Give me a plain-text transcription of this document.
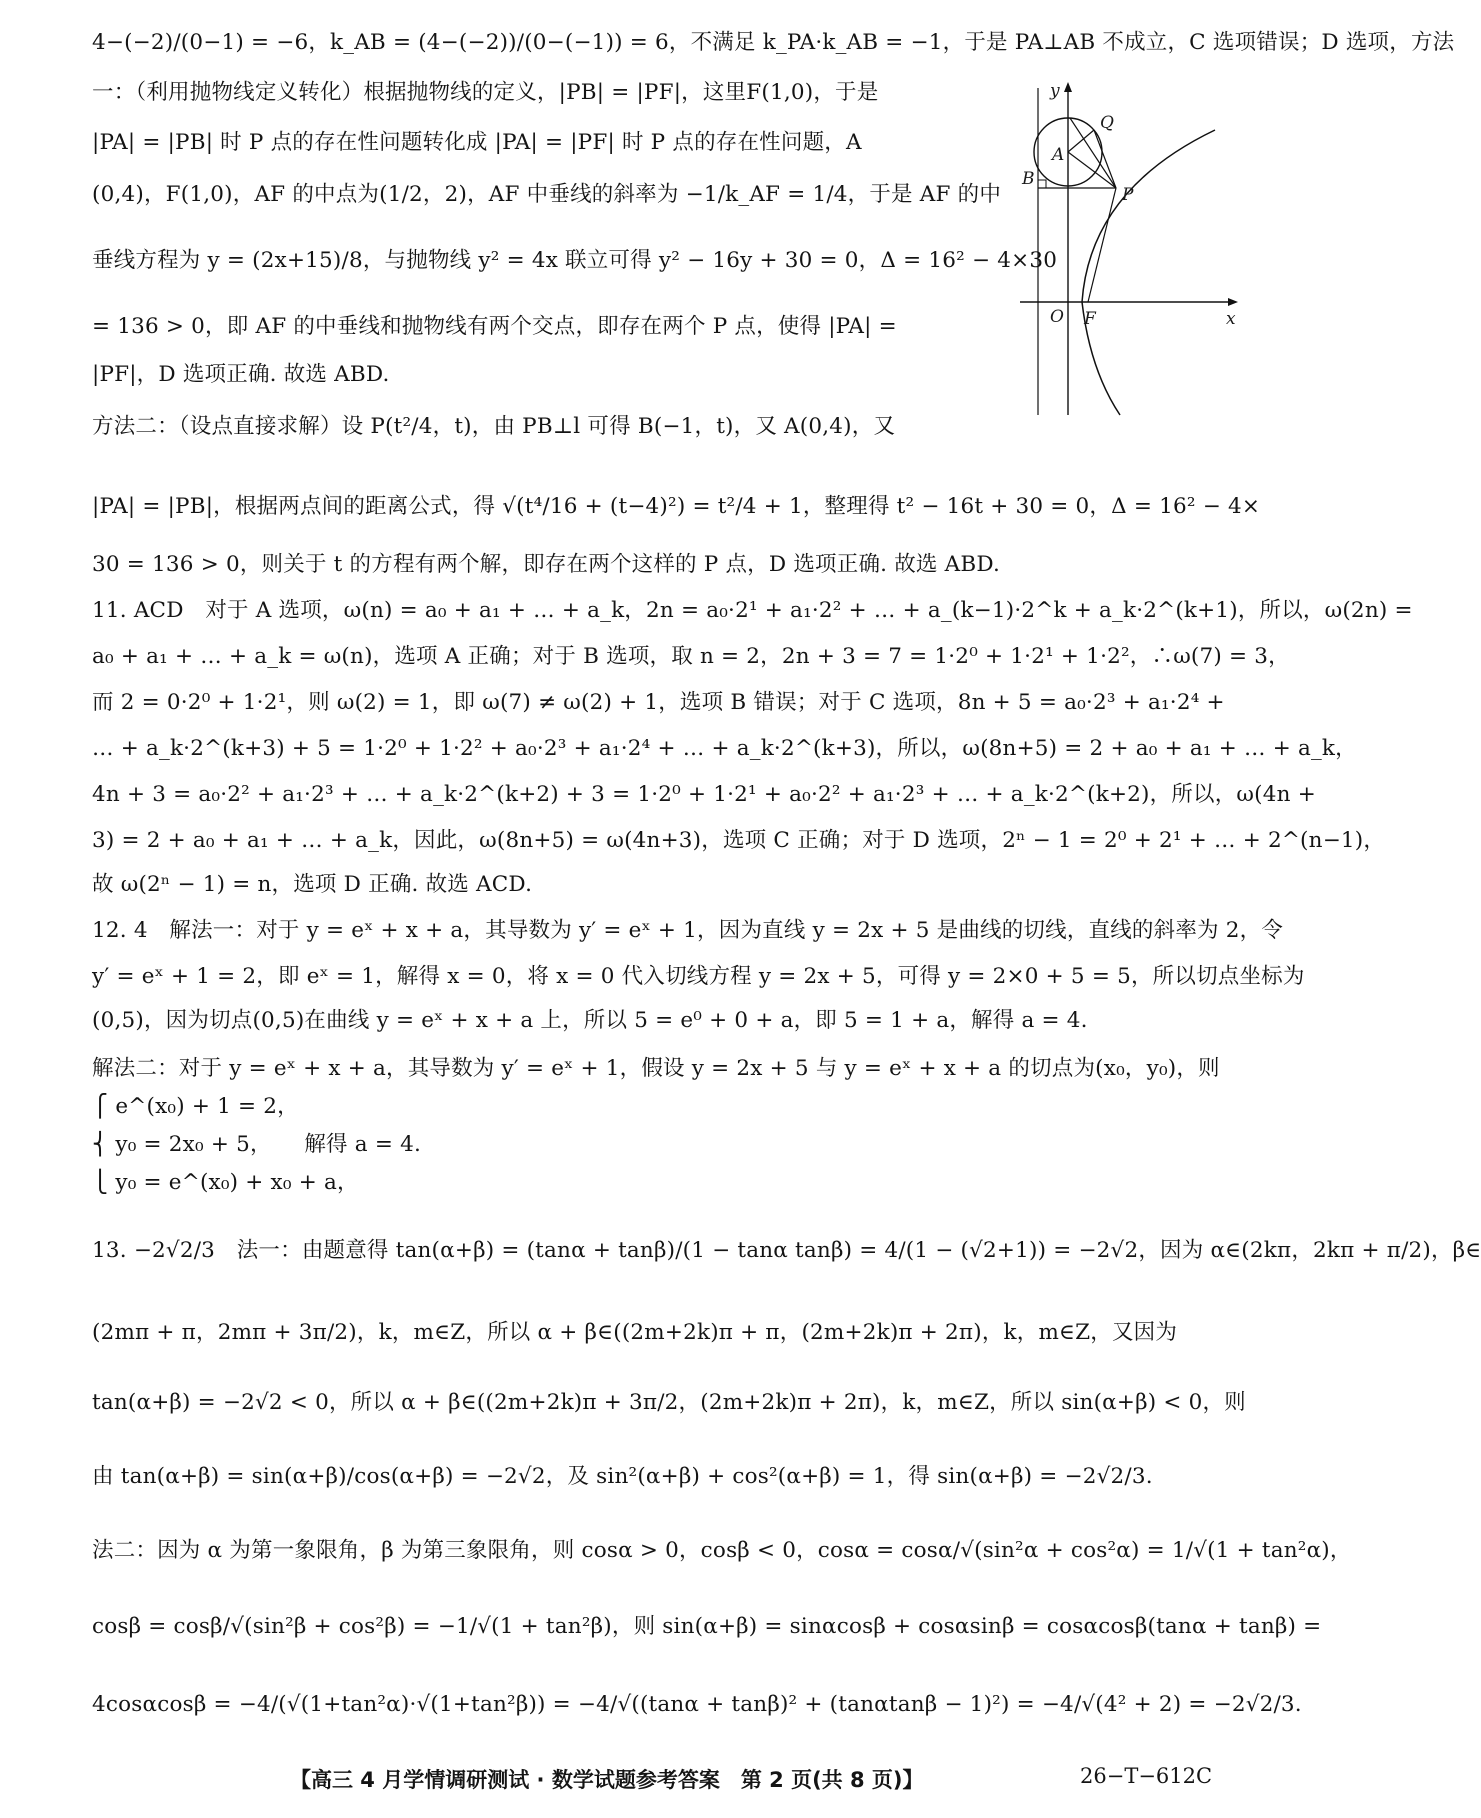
4−(−2)/(0−1) = −6，k_AB = (4−(−2))/(0−(−1)) = 6，不满足 k_PA·k_AB = −1，于是 PA⊥AB 不成立，C 选项错误；D 选项，方法
一：（利用抛物线定义转化）根据抛物线的定义，|PB| = |PF|，这里F(1,0)，于是
|PA| = |PB| 时 P 点的存在性问题转化成 |PA| = |PF| 时 P 点的存在性问题，A
(0,4)，F(1,0)，AF 的中点为(1/2，2)，AF 中垂线的斜率为 −1/k_AF = 1/4，于是 AF 的中
垂线方程为 y = (2x+15)/8，与抛物线 y² = 4x 联立可得 y² − 16y + 30 = 0，Δ = 16² − 4×30
= 136 > 0，即 AF 的中垂线和抛物线有两个交点，即存在两个 P 点，使得 |PA| =
|PF|，D 选项正确. 故选 ABD.
方法二：（设点直接求解）设 P(t²/4，t)，由 PB⊥l 可得 B(−1，t)，又 A(0,4)，又
|PA| = |PB|，根据两点间的距离公式，得 √(t⁴/16 + (t−4)²) = t²/4 + 1，整理得 t² − 16t + 30 = 0，Δ = 16² − 4×
30 = 136 > 0，则关于 t 的方程有两个解，即存在两个这样的 P 点，D 选项正确. 故选 ABD.
11. ACD　对于 A 选项，ω(n) = a₀ + a₁ + … + a_k，2n = a₀·2¹ + a₁·2² + … + a_(k−1)·2^k + a_k·2^(k+1)，所以，ω(2n) =
a₀ + a₁ + … + a_k = ω(n)，选项 A 正确；对于 B 选项，取 n = 2，2n + 3 = 7 = 1·2⁰ + 1·2¹ + 1·2²，∴ω(7) = 3，
而 2 = 0·2⁰ + 1·2¹，则 ω(2) = 1，即 ω(7) ≠ ω(2) + 1，选项 B 错误；对于 C 选项，8n + 5 = a₀·2³ + a₁·2⁴ +
… + a_k·2^(k+3) + 5 = 1·2⁰ + 1·2² + a₀·2³ + a₁·2⁴ + … + a_k·2^(k+3)，所以，ω(8n+5) = 2 + a₀ + a₁ + … + a_k，
4n + 3 = a₀·2² + a₁·2³ + … + a_k·2^(k+2) + 3 = 1·2⁰ + 1·2¹ + a₀·2² + a₁·2³ + … + a_k·2^(k+2)，所以，ω(4n +
3) = 2 + a₀ + a₁ + … + a_k，因此，ω(8n+5) = ω(4n+3)，选项 C 正确；对于 D 选项，2ⁿ − 1 = 2⁰ + 2¹ + … + 2^(n−1)，
故 ω(2ⁿ − 1) = n，选项 D 正确. 故选 ACD.
12. 4　解法一：对于 y = eˣ + x + a，其导数为 y′ = eˣ + 1，因为直线 y = 2x + 5 是曲线的切线，直线的斜率为 2，令
y′ = eˣ + 1 = 2，即 eˣ = 1，解得 x = 0，将 x = 0 代入切线方程 y = 2x + 5，可得 y = 2×0 + 5 = 5，所以切点坐标为
(0,5)，因为切点(0,5)在曲线 y = eˣ + x + a 上，所以 5 = e⁰ + 0 + a，即 5 = 1 + a，解得 a = 4.
解法二：对于 y = eˣ + x + a，其导数为 y′ = eˣ + 1，假设 y = 2x + 5 与 y = eˣ + x + a 的切点为(x₀，y₀)，则
⎧ e^(x₀) + 1 = 2，
⎨ y₀ = 2x₀ + 5，　　解得 a = 4.
⎩ y₀ = e^(x₀) + x₀ + a，
13. −2√2/3　法一：由题意得 tan(α+β) = (tanα + tanβ)/(1 − tanα tanβ) = 4/(1 − (√2+1)) = −2√2，因为 α∈(2kπ，2kπ + π/2)，β∈
(2mπ + π，2mπ + 3π/2)，k，m∈Z，所以 α + β∈((2m+2k)π + π，(2m+2k)π + 2π)，k，m∈Z，又因为
tan(α+β) = −2√2 < 0，所以 α + β∈((2m+2k)π + 3π/2，(2m+2k)π + 2π)，k，m∈Z，所以 sin(α+β) < 0，则
由 tan(α+β) = sin(α+β)/cos(α+β) = −2√2，及 sin²(α+β) + cos²(α+β) = 1，得 sin(α+β) = −2√2/3.
法二：因为 α 为第一象限角，β 为第三象限角，则 cosα > 0，cosβ < 0，cosα = cosα/√(sin²α + cos²α) = 1/√(1 + tan²α)，
cosβ = cosβ/√(sin²β + cos²β) = −1/√(1 + tan²β)，则 sin(α+β) = sinαcosβ + cosαsinβ = cosαcosβ(tanα + tanβ) =
4cosαcosβ = −4/(√(1+tan²α)·√(1+tan²β)) = −4/√((tanα + tanβ)² + (tanαtanβ − 1)²) = −4/√(4² + 2) = −2√2/3.
y
x
A
Q
B
P
O F
【高三 4 月学情调研测试 · 数学试题参考答案　第 2 页(共 8 页)】	26−T−612C
